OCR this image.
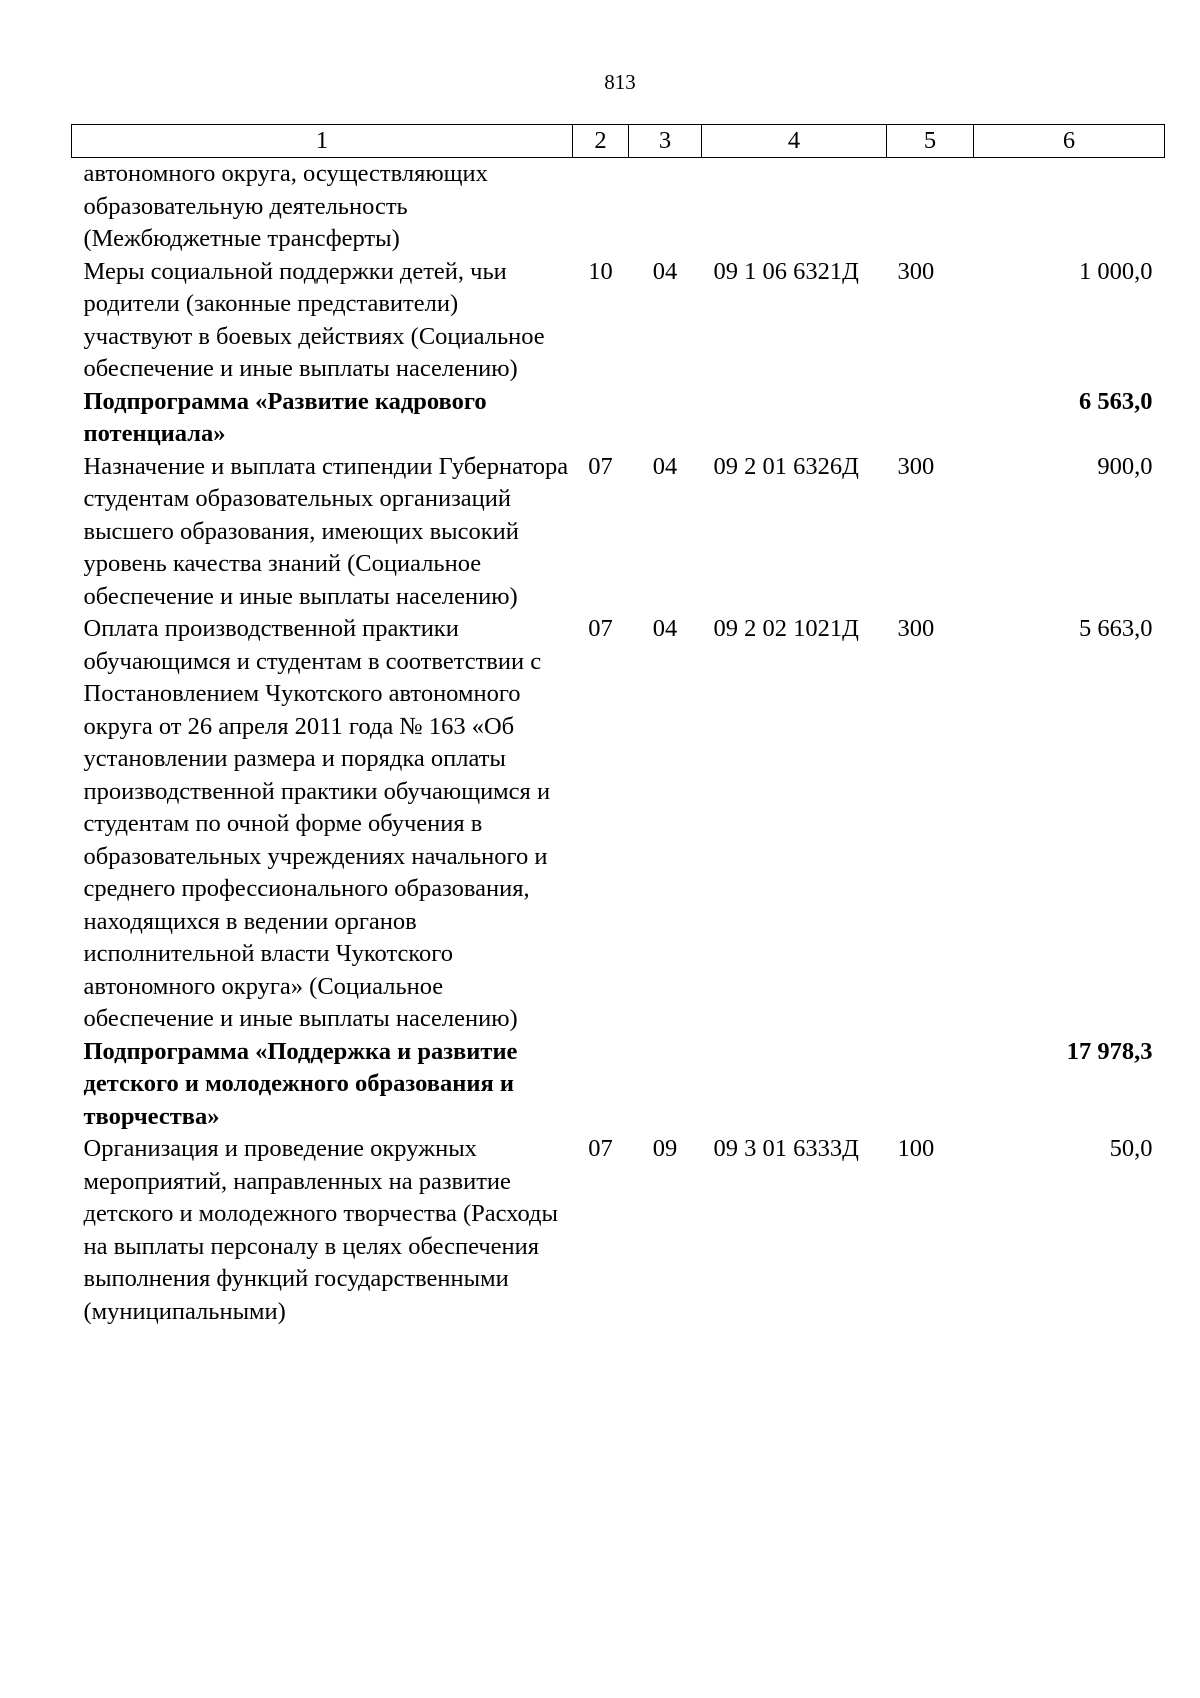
813
1	2	3	4	5	6
автономного округа, осуществляющих образовательную деятельность (Межбюджетные трансферты)					
Меры социальной поддержки детей, чьи родители (законные представители) участвуют в боевых действиях (Социальное обеспечение и иные выплаты населению)	10	04	09 1 06 6321Д	300	1 000,0
Подпрограмма «Развитие кадрового потенциала»					6 563,0
Назначение и выплата стипендии Губернатора студентам образовательных организаций высшего образования, имеющих высокий уровень качества знаний (Социальное обеспечение и иные выплаты населению)	07	04	09 2 01 6326Д	300	900,0
Оплата производственной практики обучающимся и студентам в соответствии с Постановлением Чукотского автономного округа от 26 апреля 2011 года № 163 «Об установлении размера и порядка оплаты производственной практики обучающимся и студентам по очной форме обучения в образовательных учреждениях начального и среднего профессионального образования, находящихся в ведении органов исполнительной власти Чукотского автономного округа» (Социальное обеспечение и иные выплаты населению)	07	04	09 2 02 1021Д	300	5 663,0
Подпрограмма «Поддержка и развитие детского и молодежного образования и творчества»					17 978,3
Организация и проведение окружных мероприятий, направленных на развитие детского и молодежного творчества (Расходы на выплаты персоналу в целях обеспечения выполнения функций государственными (муниципальными)	07	09	09 3 01 6333Д	100	50,0
